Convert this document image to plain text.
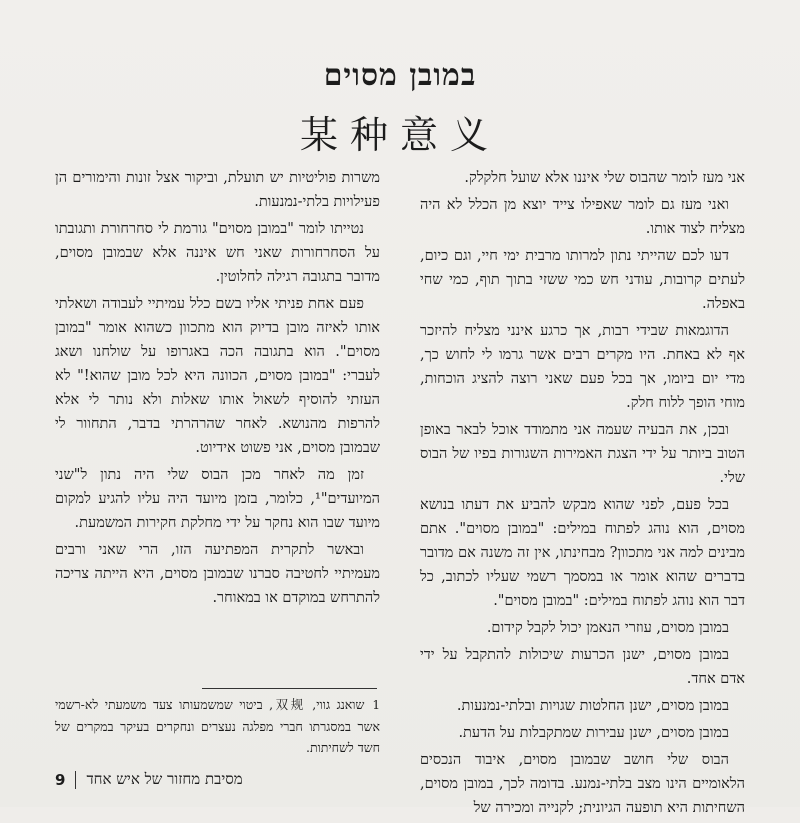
במובן מסוים
某种意义

אני מעז לומר שהבוס שלי איננו אלא שועל חלקלק.

ואני מעז גם לומר שאפילו צייד יוצא מן הכלל לא היה מצליח לצוד אותו.

דעו לכם שהייתי נתון למרותו מרבית ימי חיי, וגם כיום, לעתים קרובות, עודני חש כמי ששזי בתוך תוף, כמי שחי באפלה.

הדוגמאות שבידי רבות, אך כרגע אינני מצליח להיזכר אף לא באחת. היו מקרים רבים אשר גרמו לי לחוש כך, מדי יום ביומו, אך בכל פעם שאני רוצה להציג הוכחות, מוחי הופך ללוח חלק.

ובכן, את הבעיה שעמה אני מתמודד אוכל לבאר באופן הטוב ביותר על ידי הצגת האמירות השגורות בפיו של הבוס שלי.

בכל פעם, לפני שהוא מבקש להביע את דעתו בנושא מסוים, הוא נוהג לפתוח במילים: "במובן מסוים". אתם מבינים למה אני מתכוון? מבחינתו, אין זה משנה אם מדובר בדברים שהוא אומר או במסמך רשמי שעליו לכתוב, כל דבר הוא נוהג לפתוח במילים: "במובן מסוים".

במובן מסוים, עוזרי הנאמן יכול לקבל קידום.

במובן מסוים, ישנן הכרעות שיכולות להתקבל על ידי אדם אחד.

במובן מסוים, ישנן החלטות שגויות ובלתי-נמנעות.

במובן מסוים, ישנן עבירות שמתקבלות על הדעת.

הבוס שלי חושב שבמובן מסוים, איבוד הנכסים הלאומיים הינו מצב בלתי-נמנע. בדומה לכך, במובן מסוים, השחיתות היא תופעה הגיונית; לקנייה ומכירה של

משרות פוליטיות יש תועלת, וביקור אצל זונות והימורים הן פעילויות בלתי-נמנעות.

נטייתו לומר "במובן מסוים" גורמת לי סחרחורת ותגובתו על הסחרחורות שאני חש איננה אלא שבמובן מסוים, מדובר בתגובה רגילה לחלוטין.

פעם אחת פניתי אליו בשם כלל עמיתיי לעבודה ושאלתי אותו לאיזה מובן בדיוק הוא מתכוון כשהוא אומר "במובן מסוים". הוא בתגובה הכה באגרופו על שולחנו ושאג לעברי: "במובן מסוים, הכוונה היא לכל מובן שהוא!" לא העזתי להוסיף לשאול אותו שאלות ולא נותר לי אלא להרפות מהנושא. לאחר שהרהרתי בדבר, התחוור לי שבמובן מסוים, אני פשוט אידיוט.

זמן מה לאחר מכן הבוס שלי היה נתון ל"שני המיועדים"¹, כלומר, בזמן מיועד היה עליו להגיע למקום מיועד שבו הוא נחקר על ידי מחלקת חקירות המשמעת.

ובאשר לתקרית המפתיעה הזו, הרי שאני ורבים מעמיתיי לחטיבה סברנו שבמובן מסוים, היא הייתה צריכה להתרחש במוקדם או במאוחר.

1שואנג גווי, 双规, ביטוי שמשמעותו צעד משמעתי לא-רשמי אשר במסגרתו חברי מפלגה נעצרים ונחקרים בעיקר במקרים של חשד לשחיתות.
9 מסיבת מחזור של איש אחד
